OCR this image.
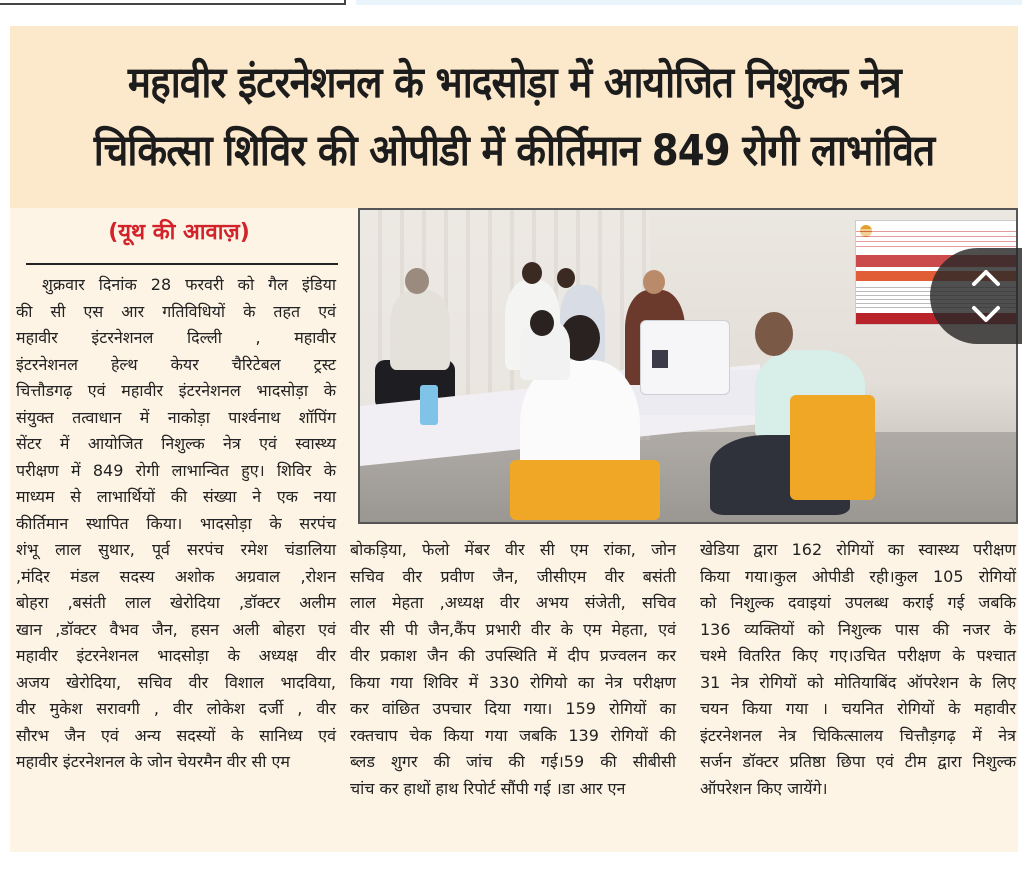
महावीर इंटरनेशनल के भादसोड़ा में आयोजित निशुल्क नेत्र
चिकित्सा शिविर की ओपीडी में कीर्तिमान 849 रोगी लाभांवित
(यूथ की आवाज़)
शुक्रवार दिनांक 28 फरवरी को गैल इंडिया
की सी एस आर गतिविधियों के तहत एवं
महावीर इंटरनेशनल दिल्ली , महावीर
इंटरनेशनल हेल्थ केयर चैरिटेबल ट्रस्ट
चित्तौडगढ़ एवं महावीर इंटरनेशनल भादसोड़ा के
संयुक्त तत्वाधान में नाकोड़ा पार्श्वनाथ शॉपिंग
सेंटर में आयोजित निशुल्क नेत्र एवं स्वास्थ्य
परीक्षण में 849 रोगी लाभान्वित हुए। शिविर के
माध्यम से लाभार्थियों की संख्या ने एक नया
कीर्तिमान स्थापित किया। भादसोड़ा के सरपंच
शंभू लाल सुथार, पूर्व सरपंच रमेश चंडालिया
,मंदिर मंडल सदस्य अशोक अग्रवाल ,रोशन
बोहरा ,बसंती लाल खेरोदिया ,डॉक्टर अलीम
खान ,डॉक्टर वैभव जैन, हसन अली बोहरा एवं
महावीर इंटरनेशनल भादसोड़ा के अध्यक्ष वीर
अजय खेरोदिया, सचिव वीर विशाल भादविया,
वीर मुकेश सरावगी , वीर लोकेश दर्जी , वीर
सौरभ जैन एवं अन्य सदस्यों के सानिध्य एवं
महावीर इंटरनेशनल के जोन चेयरमैन वीर सी एम
बोकड़िया, फेलो मेंबर वीर सी एम रांका, जोन
सचिव वीर प्रवीण जैन, जीसीएम वीर बसंती
लाल मेहता ,अध्यक्ष वीर अभय संजेती, सचिव
वीर सी पी जैन,कैंप प्रभारी वीर के एम मेहता, एवं
वीर प्रकाश जैन की उपस्थिति में दीप प्रज्वलन कर
किया गया शिविर में 330 रोगियो का नेत्र परीक्षण
कर वांछित उपचार दिया गया। 159 रोगियों का
रक्तचाप चेक किया गया जबकि 139 रोगियों की
ब्लड शुगर की जांच की गई।59 की सीबीसी
चांच कर हाथों हाथ रिपोर्ट सौंपी गई ।डा आर एन
खेडिया द्वारा 162 रोगियों का स्वास्थ्य परीक्षण
किया गया।कुल ओपीडी रही।कुल 105 रोगियों
को निशुल्क दवाइयां उपलब्ध कराई गई जबकि
136 व्यक्तियों को निशुल्क पास की नजर के
चश्मे वितरित किए गए।उचित परीक्षण के पश्चात
31 नेत्र रोगियों को मोतियाबिंद ऑपरेशन के लिए
चयन किया गया । चयनित रोगियों के महावीर
इंटरनेशनल नेत्र चिकित्सालय चित्तौड़गढ़ में नेत्र
सर्जन डॉक्टर प्रतिष्ठा छिपा एवं टीम द्वारा निशुल्क
ऑपरेशन किए जायेंगे।
